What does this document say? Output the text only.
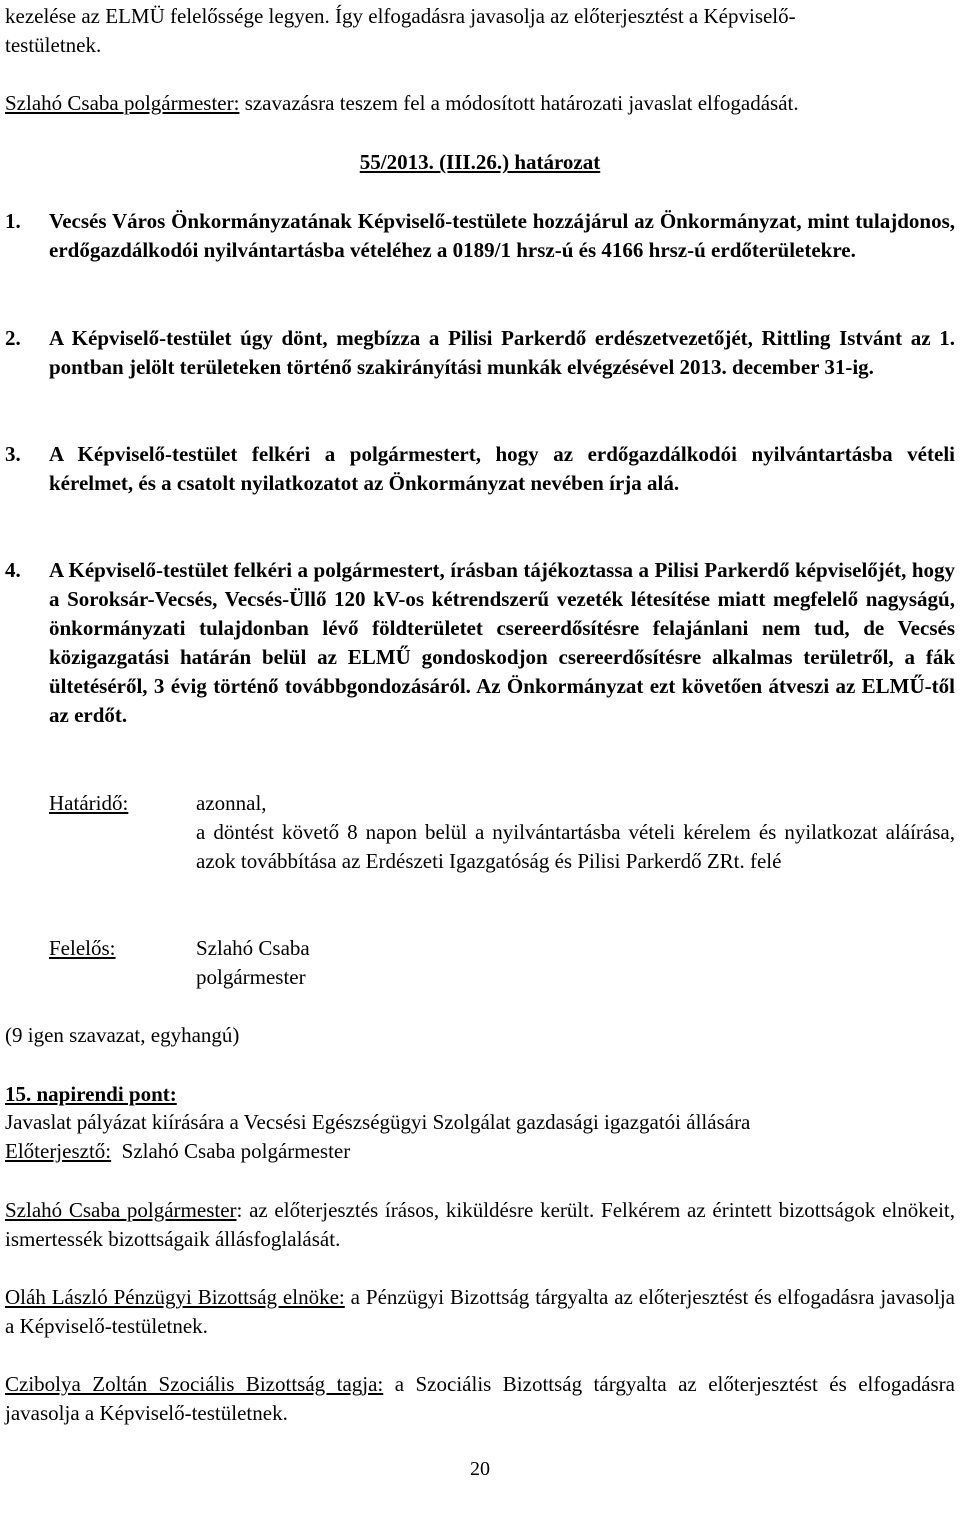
kezelése az ELMÜ felelőssége legyen. Így elfogadásra javasolja az előterjesztést a Képviselő-
testületnek.
Szlahó Csaba polgármester: szavazásra teszem fel a módosított határozati javaslat elfogadását.
55/2013. (III.26.) határozat
1. Vecsés Város Önkormányzatának Képviselő-testülete hozzájárul az Önkormányzat, mint tulajdonos, erdőgazdálkodói nyilvántartásba vételéhez a 0189/1 hrsz-ú és 4166 hrsz-ú erdőterületekre.
2. A Képviselő-testület úgy dönt, megbízza a Pilisi Parkerdő erdészetvezetőjét, Rittling Istvánt az 1. pontban jelölt területeken történő szakirányítási munkák elvégzésével 2013. december 31-ig.
3. A Képviselő-testület felkéri a polgármestert, hogy az erdőgazdálkodói nyilvántartásba vételi kérelmet, és a csatolt nyilatkozatot az Önkormányzat nevében írja alá.
4. A Képviselő-testület felkéri a polgármestert, írásban tájékoztassa a Pilisi Parkerdő képviselőjét, hogy a Soroksár-Vecsés, Vecsés-Üllő 120 kV-os kétrendszerű vezeték létesítése miatt megfelelő nagyságú, önkormányzati tulajdonban lévő földterületet csereerdősítésre felajánlani nem tud, de Vecsés közigazgatási határán belül az ELMŰ gondoskodjon csereerdősítésre alkalmas területről, a fák ültetéséről, 3 évig történő továbbgondozásáról. Az Önkormányzat ezt követően átveszi az ELMŰ-től az erdőt.
Határidő:	azonnal,
a döntést követő 8 napon belül a nyilvántartásba vételi kérelem és nyilatkozat aláírása, azok továbbítása az Erdészeti Igazgatóság és Pilisi Parkerdő ZRt. felé
Felelős:	Szlahó Csaba
polgármester
(9 igen szavazat, egyhangú)
15. napirendi pont:
Javaslat pályázat kiírására a Vecsési Egészségügyi Szolgálat gazdasági igazgatói állására
Előterjesztő:  Szlahó Csaba polgármester
Szlahó Csaba polgármester: az előterjesztés írásos, kiküldésre került. Felkérem az érintett bizottságok elnökeit, ismertessék bizottságaik állásfoglalását.
Oláh László Pénzügyi Bizottság elnöke: a Pénzügyi Bizottság tárgyalta az előterjesztést és elfogadásra javasolja a Képviselő-testületnek.
Czibolya Zoltán Szociális Bizottság tagja: a Szociális Bizottság tárgyalta az előterjesztést és elfogadásra javasolja a Képviselő-testületnek.
20
